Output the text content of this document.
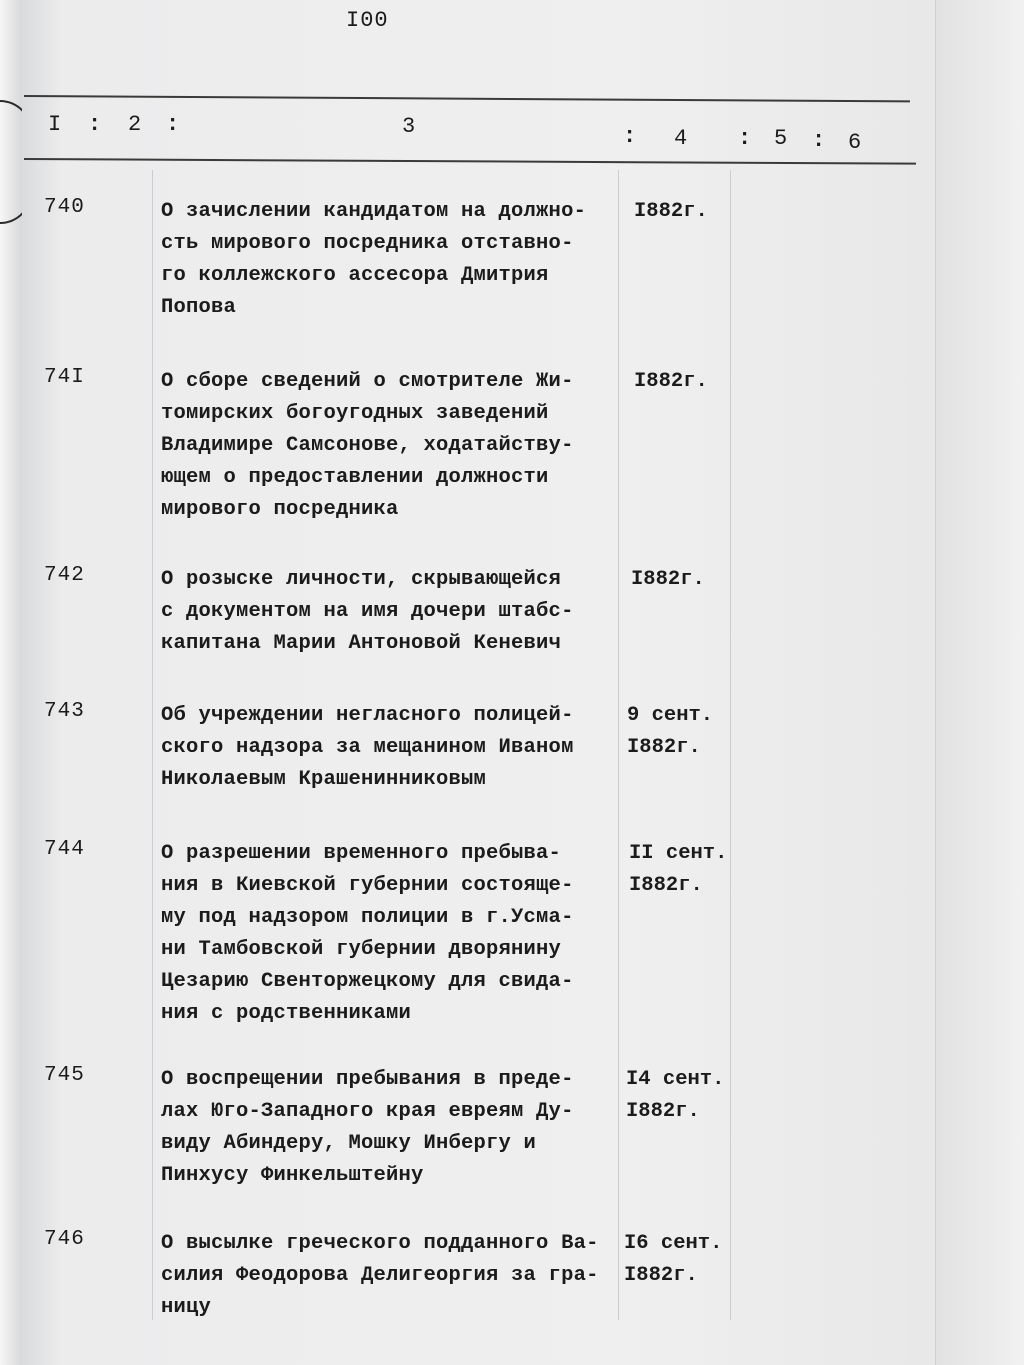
I00
I : 2 :	3	: 4 : 5 : 6
740	О зачислении кандидатом на должно-
сть мирового посредника отставно-
го коллежского ассесора Дмитрия
Попова
I882г.
74I	О сборе сведений о смотрителе Жи-
томирских богоугодных заведений
Владимире Самсонове, ходатайству-
ющем о предоставлении должности
мирового посредника
I882г.
742	О розыске личности, скрывающейся
с документом на имя дочери штабс-
капитана Марии Антоновой Кеневич
I882г.
743	Об учреждении негласного полицей-
ского надзора за мещанином Иваном
Николаевым Крашенинниковым
9 сент.
I882г.
744	О разрешении временного пребыва-
ния в Киевской губернии состояще-
му под надзором полиции в г.Усма-
ни Тамбовской губернии дворянину
Цезарию Свенторжецкому для свида-
ния с родственниками
II сент.
I882г.
745	О воспрещении пребывания в преде-
лах Юго-Западного края евреям Ду-
виду Абиндеру, Мошку Инбергу и
Пинхусу Финкельштейну
I4 сент.
I882г.
746	О высылке греческого подданного Ва-
силия Феодорова Делигеоргия за гра-
ницу
I6 сент.
I882г.
